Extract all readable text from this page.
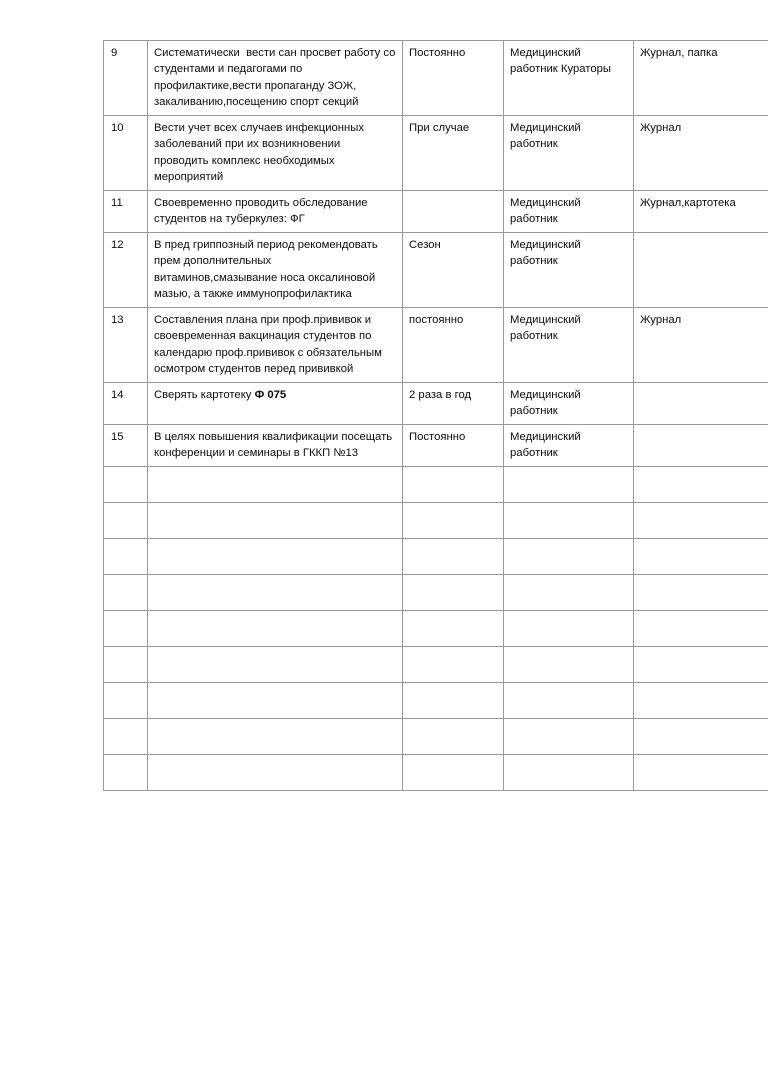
9	Систематически  вести сан просвет работу со студентами и педагогами по профилактике,вести пропаганду ЗОЖ, закаливанию,посещению спорт секций	Постоянно	Медицинский работник Кураторы	Журнал, папка
10	Вести учет всех случаев инфекционных заболеваний при их возникновении проводить комплекс необходимых мероприятий	При случае	Медицинский работник	Журнал
11	Своевременно проводить обследование студентов на туберкулез: ФГ		Медицинский работник	Журнал,картотека
12	В пред гриппозный период рекомендовать прем дополнительных витаминов,смазывание носа оксалиновой мазью, а также иммунопрофилактика	Сезон	Медицинский работник	
13	Составления плана при проф.прививок и своевременная вакцинация студентов по календарю проф.прививок с обязательным осмотром студентов перед прививкой	постоянно	Медицинский работник	Журнал
14	Сверять картотеку Ф 075	2 раза в год	Медицинский работник	
15	В целях повышения квалификации посещать конференции и семинары в ГККП №13	Постоянно	Медицинский работник	
